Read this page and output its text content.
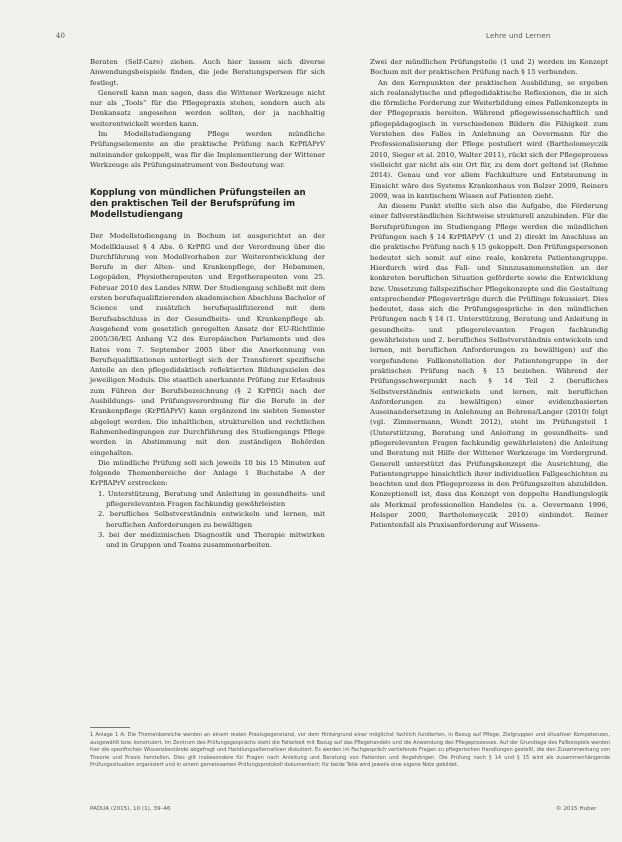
40	Lehre und Lernen

Beraten (Self-Care) ziehen. Auch hier lassen sich diverse Anwendungsbeispiele finden, die jede Beratungsperson für sich festlegt.

Generell kann man sagen, dass die Wittener Werkzeuge nicht nur als „Tools“ für die Pflegepraxis stehen, sondern auch als Denkansatz angesehen werden sollten, der ja nachhaltig weiterentwickelt werden kann.

Im Modellstudiengang Pflege werden mündliche Prüfungselemente an die praktische Prüfung nach KrPflAPrV miteinander gekoppelt, was für die Implementierung der Wittener Werkzeuge als Prüfungsinstrument von Bedeutung war.

Kopplung von mündlichen Prüfungsteilen an den praktischen Teil der Berufsprüfung im Modellstudiengang

Der Modellstudiengang in Bochum ist ausgerichtet an der Modellklausel § 4 Abs. 6 KrPflG und der Verordnung über die Durchführung von Modellvorhaben zur Weiterentwicklung der Berufe in der Alten- und Krankenpflege, der Hebammen, Logopäden, Physiotherapeuten und Ergotherapeuten vom 25. Februar 2010 des Landes NRW. Der Studiengang schließt mit dem ersten berufsqualifizierenden akademischen Abschluss Bachelor of Science und zusätzlich berufsqualifizierend mit dem Berufsabschluss in der Gesundheits- und Krankenpflege ab. Ausgehend vom gesetzlich geregelten Ansatz der EU-Richtlinie 2005/36/EG Anhang V.2 des Europäischen Parlaments und des Rates vom 7. September 2005 über die Anerkennung von Berufsqualifikationen unterliegt sich der Transferort spezifische Anteile an den pflegedidaktisch reflektierten Bildungszielen des jeweiligen Moduls. Die staatlich anerkannte Prüfung zur Erlaubnis zum Führen der Berufsbezeichnung (§ 2 KrPflG) nach der Ausbildungs- und Prüfungsverordnung für die Berufe in der Krankenpflege (KrPflAPrV) kann ergänzend im siebten Semester abgelegt werden. Die inhaltlichen, strukturellen und rechtlichen Rahmenbedingungen zur Durchführung des Studiengangs Pflege werden in Abstimmung mit den zuständigen Behörden eingehalten.

Die mündliche Prüfung soll sich jeweils 10 bis 15 Minuten auf folgende Themenbereiche der Anlage 1 Buchstabe A der KrPflAPrV erstrecken:

1. Unterstützung, Beratung und Anleitung in gesundheits- und pflegerelevanten Fragen fachkundig gewährleisten
2. berufliches Selbstverständnis entwickeln und lernen, mit beruflichen Anforderungen zu bewältigen
3. bei der medizinischen Diagnostik und Therapie mitwirken und in Gruppen und Teams zusammenarbeiten.

Zwei der mündlichen Prüfungsteile (1 und 2) werden im Konzept Bochum mit der praktischen Prüfung nach § 15 verbunden.

An den Kernpunkten der praktischen Ausbildung, so ergeben sich realanalytische und pflegedidaktische Reflexionen, die in sich die förmliche Forderung zur Weiterbildung eines Pallenkonzepts in der Pflegepraxis bereiten. Während pflegewissenschaftlich und pflegepädagogisch in verschiedenen Bildern die Fähigkeit zum Verstehen des Falles in Anlehnung an Oevermann für die Professionalisierung der Pflege postuliert wird (Bartholomeyczik 2010, Sieger et al. 2010, Walter 2011), rückt sich der Pflegeprozess vielleicht gar nicht als ein Ort für, zu dem dort geltend ist (Rehme 2014). Genau und vor allem Fachkulture und Entstaunung in Einsicht wäre des Systems Krankenhaus von Balzer 2009, Reiners 2009, was in kantischem Wissen auf Patienten zieht.

An diesem Punkt stellte sich also die Aufgabe, die Förderung einer fallverständlichen Sichtweise strukturell anzubinden. Für die Berufsprüfungen im Studiengang Pflege werden die mündlichen Prüfungen nach § 14 KrPflAPrV (1 und 2) direkt im Anschluss an die praktische Prüfung nach § 15 gekoppelt. Den Prüfungspersonen bedeutet sich somit auf eine reale, konkrete Patientengruppe. Hierdurch wird das Fall- und Sinnzusammenstellen an der konkreten beruflichen Situation geförderte sowie die Entwicklung bzw. Umsetzung fallspezifischer Pflegekonzepte und die Gestaltung entsprechender Pflegeverträge durch die Prüflinge fokussiert. Dies bedeutet, dass sich die Prüfungsgespräche in den mündlichen Prüfungen nach § 14 (1. Unterstützung, Beratung und Anleitung in gesundheits- und pflegerelevanten Fragen fachkundig gewährleisten und 2. berufliches Selbstverständnis entwickeln und lernen, mit beruflichen Anforderungen zu bewältigen) auf die vorgefundene Fallkonstellation der Patientengruppe in der praktischen Prüfung nach § 15 beziehen. Während der Prüfungsschwerpunkt nach § 14 Teil 2 (berufliches Selbstverständnis entwickeln und lernen, mit beruflichen Anforderungen zu bewältigen) einer evidenzbasierten Auseinandersetzung in Anlehnung an Behrens/Langer (2010) folgt (vgl. Zimmermann, Wendt 2012), steht im Prüfungsteil 1 (Unterstützung, Beratung und Anleitung in gesundheits- und pflegerelevanten Fragen fachkundig gewährleisten) die Anleitung und Beratung mit Hilfe der Wittener Werkzeuge im Vordergrund. Generell unterstützt das Prüfungskonzept die Ausrichtung, die Patientengruppe hinsichtlich ihrer individuellen Fallgeschichten zu beachten und den Pflegeprozess in den Prüfungszeiten abzubilden. Konzeptionell ist, dass das Konzept von doppelte Handlungslogik als Merkmal professionellen Handelns (u. a. Oevermann 1996, Helsper 2000, Bartholomeyczik 2010) einbindet. Reiner Patientenfall als Praxisanforderung auf Wissens-

1 Anlage 1 A: Die Themenbereiche werden an einem realen Praxisgegenstand, vor dem Hintergrund einer möglichst fachlich fundierten, in Bezug auf Pflege, Zielgruppen und situativer Kompetenzen, ausgewählt bzw. konstruiert. Im Zentrum des Prüfungsgesprächs steht die Fallarbeit mit Bezug auf das Pflegehandeln und die Anwendung des Pflegeprozesses. Auf der Grundlage des Fallbeispiels werden hier die spezifischen Wissensbestände abgefragt und Handlungsalternativen diskutiert. Es werden im Fachgespräch vertiefende Fragen zu pflegerischen Handlungen gestellt, die den Zusammenhang von Theorie und Praxis herstellen. Dies gilt insbesondere für Fragen nach Anleitung und Beratung von Patienten und Angehörigen. Die Prüfung nach § 14 und § 15 wird als zusammenhängende Prüfungssituation organisiert und in einem gemeinsamen Prüfungsprotokoll dokumentiert; für beide Teile wird jeweils eine eigene Note gebildet.
PADUA (2015), 10 (1), 39–46	© 2015 Huber
